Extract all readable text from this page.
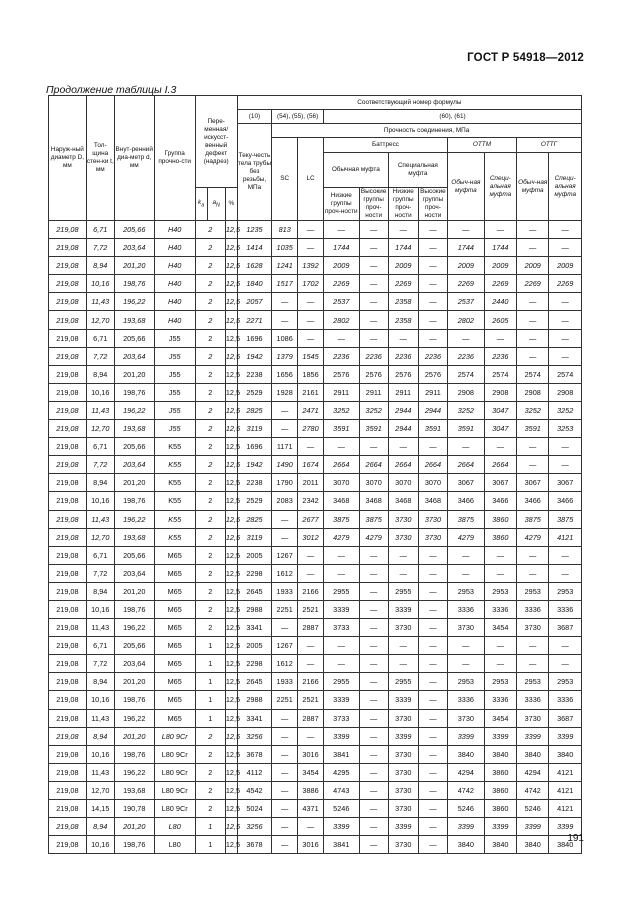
ГОСТ Р 54918—2012
Продолжение таблицы I.3
Наруж-ный диаметр D, мм	Тол-щина стен-ки t, мм	Внут-ренний диа-метр d, мм	Группа прочно-сти	Пере-менная/ искусст-венный дефект (надрез)			Соответствующий номер формулы										
							(10)	(54), (55), (56)		(60), (61)							
							Теку-честь тела трубы без резьбы, МПа	Прочность соединения, МПа									
								SC	LC	Баттресс				ОТТМ		ОТТГ	
										Обычная муфта		Специальная муфта		Обыч-ная муфта	Специ-альная муфта	Обыч-ная муфта	Специ-альная муфта
				$k_a$	$a_N$	%				Низкие группы проч-ности	Высокие группы проч-ности	Низкие группы проч-ности	Высокие группы проч-ности				
219,08	6,71	205,66	H40	2		12,5	1235	813	—	—	—	—	—	—	—	—	—
219,08	7,72	203,64	H40	2		12,5	1414	1035	—	1744	—	1744	—	1744	1744	—	—
219,08	8,94	201,20	H40	2		12,5	1628	1241	1392	2009	—	2009	—	2009	2009	2009	2009
219,08	10,16	198,76	H40	2		12,5	1840	1517	1702	2269	—	2269	—	2269	2269	2269	2269
219,08	11,43	196,22	H40	2		12,5	2057	—	—	2537	—	2358	—	2537	2440	—	—
219,08	12,70	193,68	H40	2		12,5	2271	—	—	2802	—	2358	—	2802	2605	—	—
219,08	6,71	205,66	J55	2		12,5	1696	1086	—	—	—	—	—	—	—	—	—
219,08	7,72	203,64	J55	2		12,5	1942	1379	1545	2236	2236	2236	2236	2236	2236	—	—
219,08	8,94	201,20	J55	2		12,5	2238	1656	1856	2576	2576	2576	2576	2574	2574	2574	2574
219,08	10,16	198,76	J55	2		12,5	2529	1928	2161	2911	2911	2911	2911	2908	2908	2908	2908
219,08	11,43	196,22	J55	2		12,5	2825	—	2471	3252	3252	2944	2944	3252	3047	3252	3252
219,08	12,70	193,68	J55	2		12,5	3119	—	2780	3591	3591	2944	3591	3591	3047	3591	3253
219,08	6,71	205,66	K55	2		12,5	1696	1171	—	—	—	—	—	—	—	—	—
219,08	7,72	203,64	K55	2		12,5	1942	1490	1674	2664	2664	2664	2664	2664	2664	—	—
219,08	8,94	201,20	K55	2		12,5	2238	1790	2011	3070	3070	3070	3070	3067	3067	3067	3067
219,08	10,16	198,76	K55	2		12,5	2529	2083	2342	3468	3468	3468	3468	3466	3466	3466	3466
219,08	11,43	196,22	K55	2		12,5	2825	—	2677	3875	3875	3730	3730	3875	3860	3875	3875
219,08	12,70	193,68	K55	2		12,5	3119	—	3012	4279	4279	3730	3730	4279	3860	4279	4121
219,08	6,71	205,66	M65	2		12,5	2005	1267	—	—	—	—	—	—	—	—	—
219,08	7,72	203,64	M65	2		12,5	2298	1612	—	—	—	—	—	—	—	—	—
219,08	8,94	201,20	M65	2		12,5	2645	1933	2166	2955	—	2955	—	2953	2953	2953	2953
219,08	10,16	198,76	M65	2		12,5	2988	2251	2521	3339	—	3339	—	3336	3336	3336	3336
219,08	11,43	196,22	M65	2		12,5	3341	—	2887	3733	—	3730	—	3730	3454	3730	3687
219,08	6,71	205,66	M65	1		12,5	2005	1267	—	—	—	—	—	—	—	—	—
219,08	7,72	203,64	M65	1		12,5	2298	1612	—	—	—	—	—	—	—	—	—
219,08	8,94	201,20	M65	1		12,5	2645	1933	2166	2955	—	2955	—	2953	2953	2953	2953
219,08	10,16	198,76	M65	1		12,5	2988	2251	2521	3339	—	3339	—	3336	3336	3336	3336
219,08	11,43	196,22	M65	1		12,5	3341	—	2887	3733	—	3730	—	3730	3454	3730	3687
219,08	8,94	201,20	L80 9Cr	2		12,5	3256	—	—	3399	—	3399	—	3399	3399	3399	3399
219,08	10,16	198,76	L80 9Cr	2		12,5	3678	—	3016	3841	—	3730	—	3840	3840	3840	3840
219,08	11,43	196,22	L80 9Cr	2		12,5	4112	—	3454	4295	—	3730	—	4294	3860	4294	4121
219,08	12,70	193,68	L80 9Cr	2		12,5	4542	—	3886	4743	—	3730	—	4742	3860	4742	4121
219,08	14,15	190,78	L80 9Cr	2		12,5	5024	—	4371	5246	—	3730	—	5246	3860	5246	4121
219,08	8,94	201,20	L80	1		12,5	3256	—	—	3399	—	3399	—	3399	3399	3399	3399
219,08	10,16	198,76	L80	1		12,5	3678	—	3016	3841	—	3730	—	3840	3840	3840	3840
191
